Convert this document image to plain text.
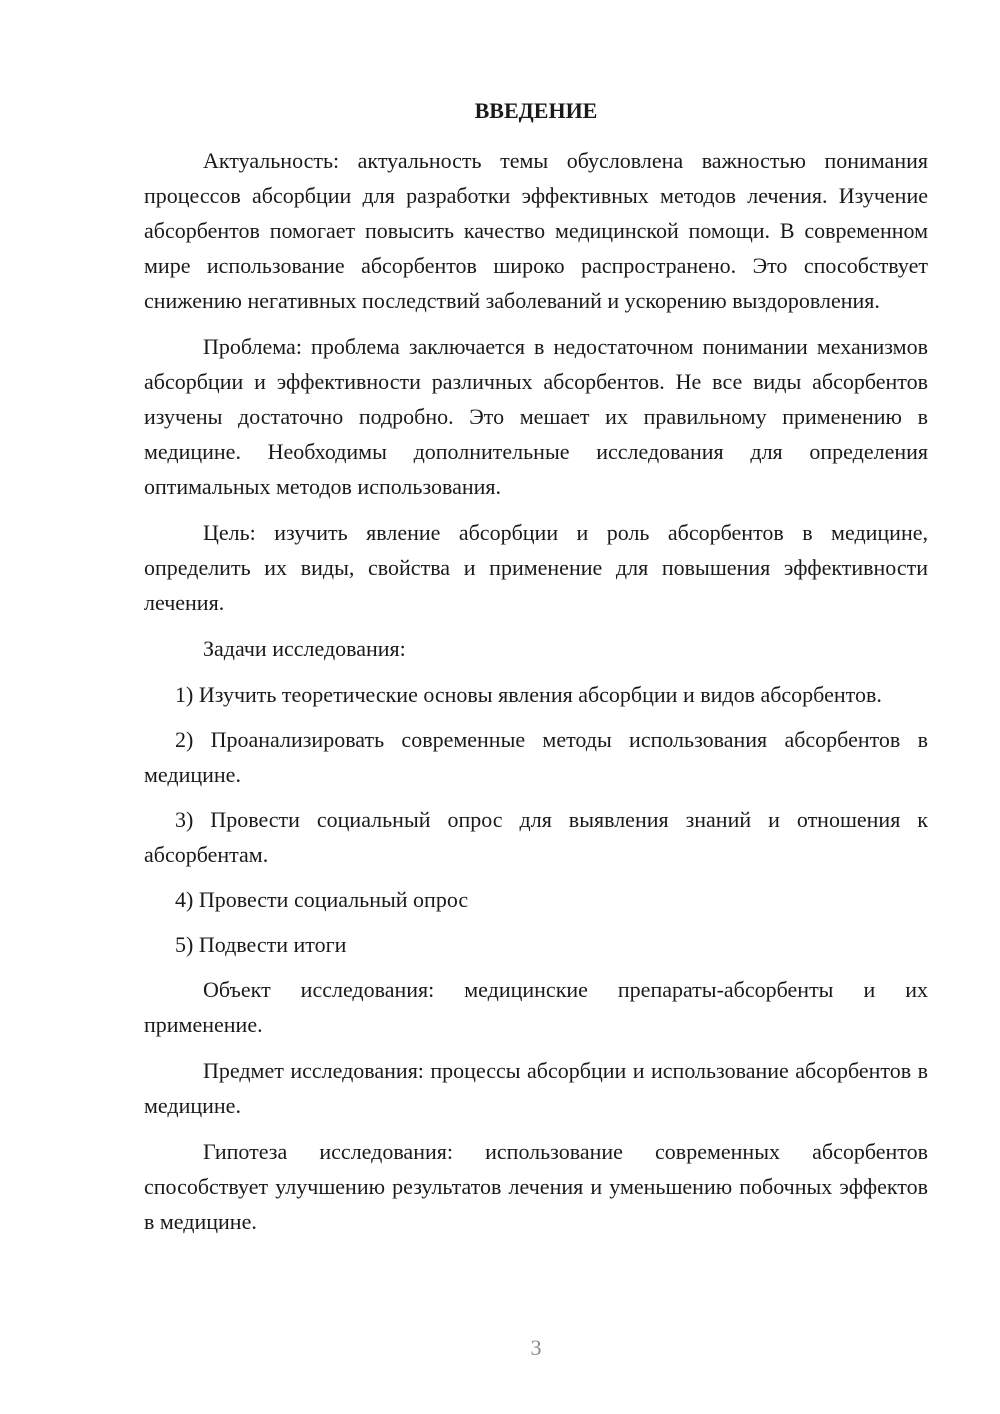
ВВЕДЕНИЕ

Актуальность: актуальность темы обусловлена важностью понимания процессов абсорбции для разработки эффективных методов лечения. Изучение абсорбентов помогает повысить качество медицинской помощи. В современном мире использование абсорбентов широко распространено. Это способствует снижению негативных последствий заболеваний и ускорению выздоровления.

Проблема: проблема заключается в недостаточном понимании механизмов абсорбции и эффективности различных абсорбентов. Не все виды абсорбентов изучены достаточно подробно. Это мешает их правильному применению в медицине. Необходимы дополнительные исследования для определения оптимальных методов использования.

Цель: изучить явление абсорбции и роль абсорбентов в медицине, определить их виды, свойства и применение для повышения эффективности лечения.

Задачи исследования:

1) Изучить теоретические основы явления абсорбции и видов абсорбентов.

2) Проанализировать современные методы использования абсорбентов в медицине.

3) Провести социальный опрос для выявления знаний и отношения к абсорбентам.

4) Провести социальный опрос

5) Подвести итоги

Объект исследования: медицинские препараты-абсорбенты и их применение.

Предмет исследования: процессы абсорбции и использование абсорбентов в медицине.

Гипотеза исследования: использование современных абсорбентов способствует улучшению результатов лечения и уменьшению побочных эффектов в медицине.

3
